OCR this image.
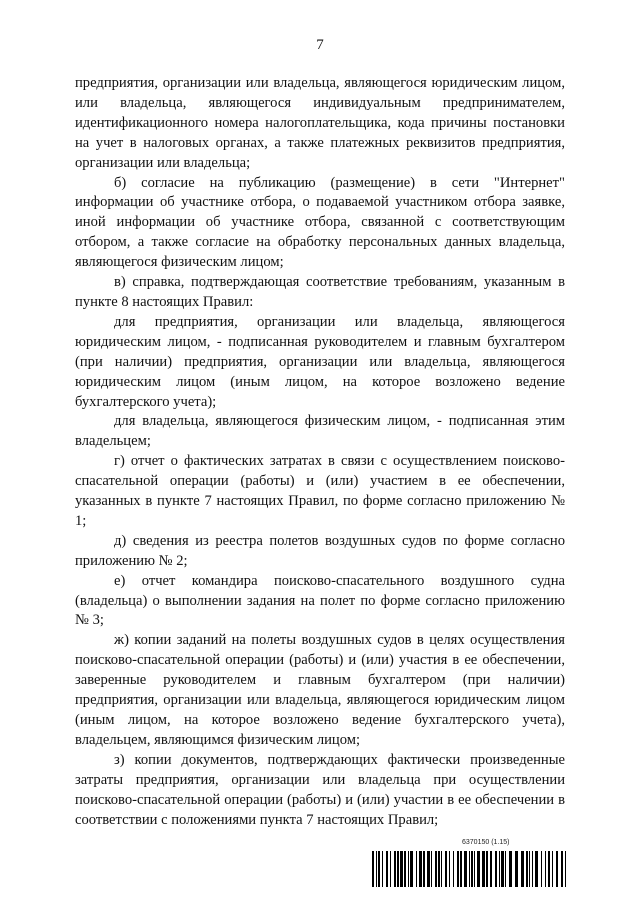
7

предприятия, организации или владельца, являющегося юридическим лицом, или владельца, являющегося индивидуальным предпринимателем, идентификационного номера налогоплательщика, кода причины постановки на учет в налоговых органах, а также платежных реквизитов предприятия, организации или владельца;

б) согласие на публикацию (размещение) в сети "Интернет" информации об участнике отбора, о подаваемой участником отбора заявке, иной информации об участнике отбора, связанной с соответствующим отбором, а также согласие на обработку персональных данных владельца, являющегося физическим лицом;

в) справка, подтверждающая соответствие требованиям, указанным в пункте 8 настоящих Правил:

для предприятия, организации или владельца, являющегося юридическим лицом, - подписанная руководителем и главным бухгалтером (при наличии) предприятия, организации или владельца, являющегося юридическим лицом (иным лицом, на которое возложено ведение бухгалтерского учета);

для владельца, являющегося физическим лицом, - подписанная этим владельцем;

г) отчет о фактических затратах в связи с осуществлением поисково-спасательной операции (работы) и (или) участием в ее обеспечении, указанных в пункте 7 настоящих Правил, по форме согласно приложению № 1;

д) сведения из реестра полетов воздушных судов по форме согласно приложению № 2;

е) отчет командира поисково-спасательного воздушного судна (владельца) о выполнении задания на полет по форме согласно приложению № 3;

ж) копии заданий на полеты воздушных судов в целях осуществления поисково-спасательной операции (работы) и (или) участия в ее обеспечении, заверенные руководителем и главным бухгалтером (при наличии) предприятия, организации или владельца, являющегося юридическим лицом (иным лицом, на которое возложено ведение бухгалтерского учета), владельцем, являющимся физическим лицом;

з) копии документов, подтверждающих фактически произведенные затраты предприятия, организации или владельца при осуществлении поисково-спасательной операции (работы) и (или) участии в ее обеспечении в соответствии с положениями пункта 7 настоящих Правил;

6370150 (1.15)
